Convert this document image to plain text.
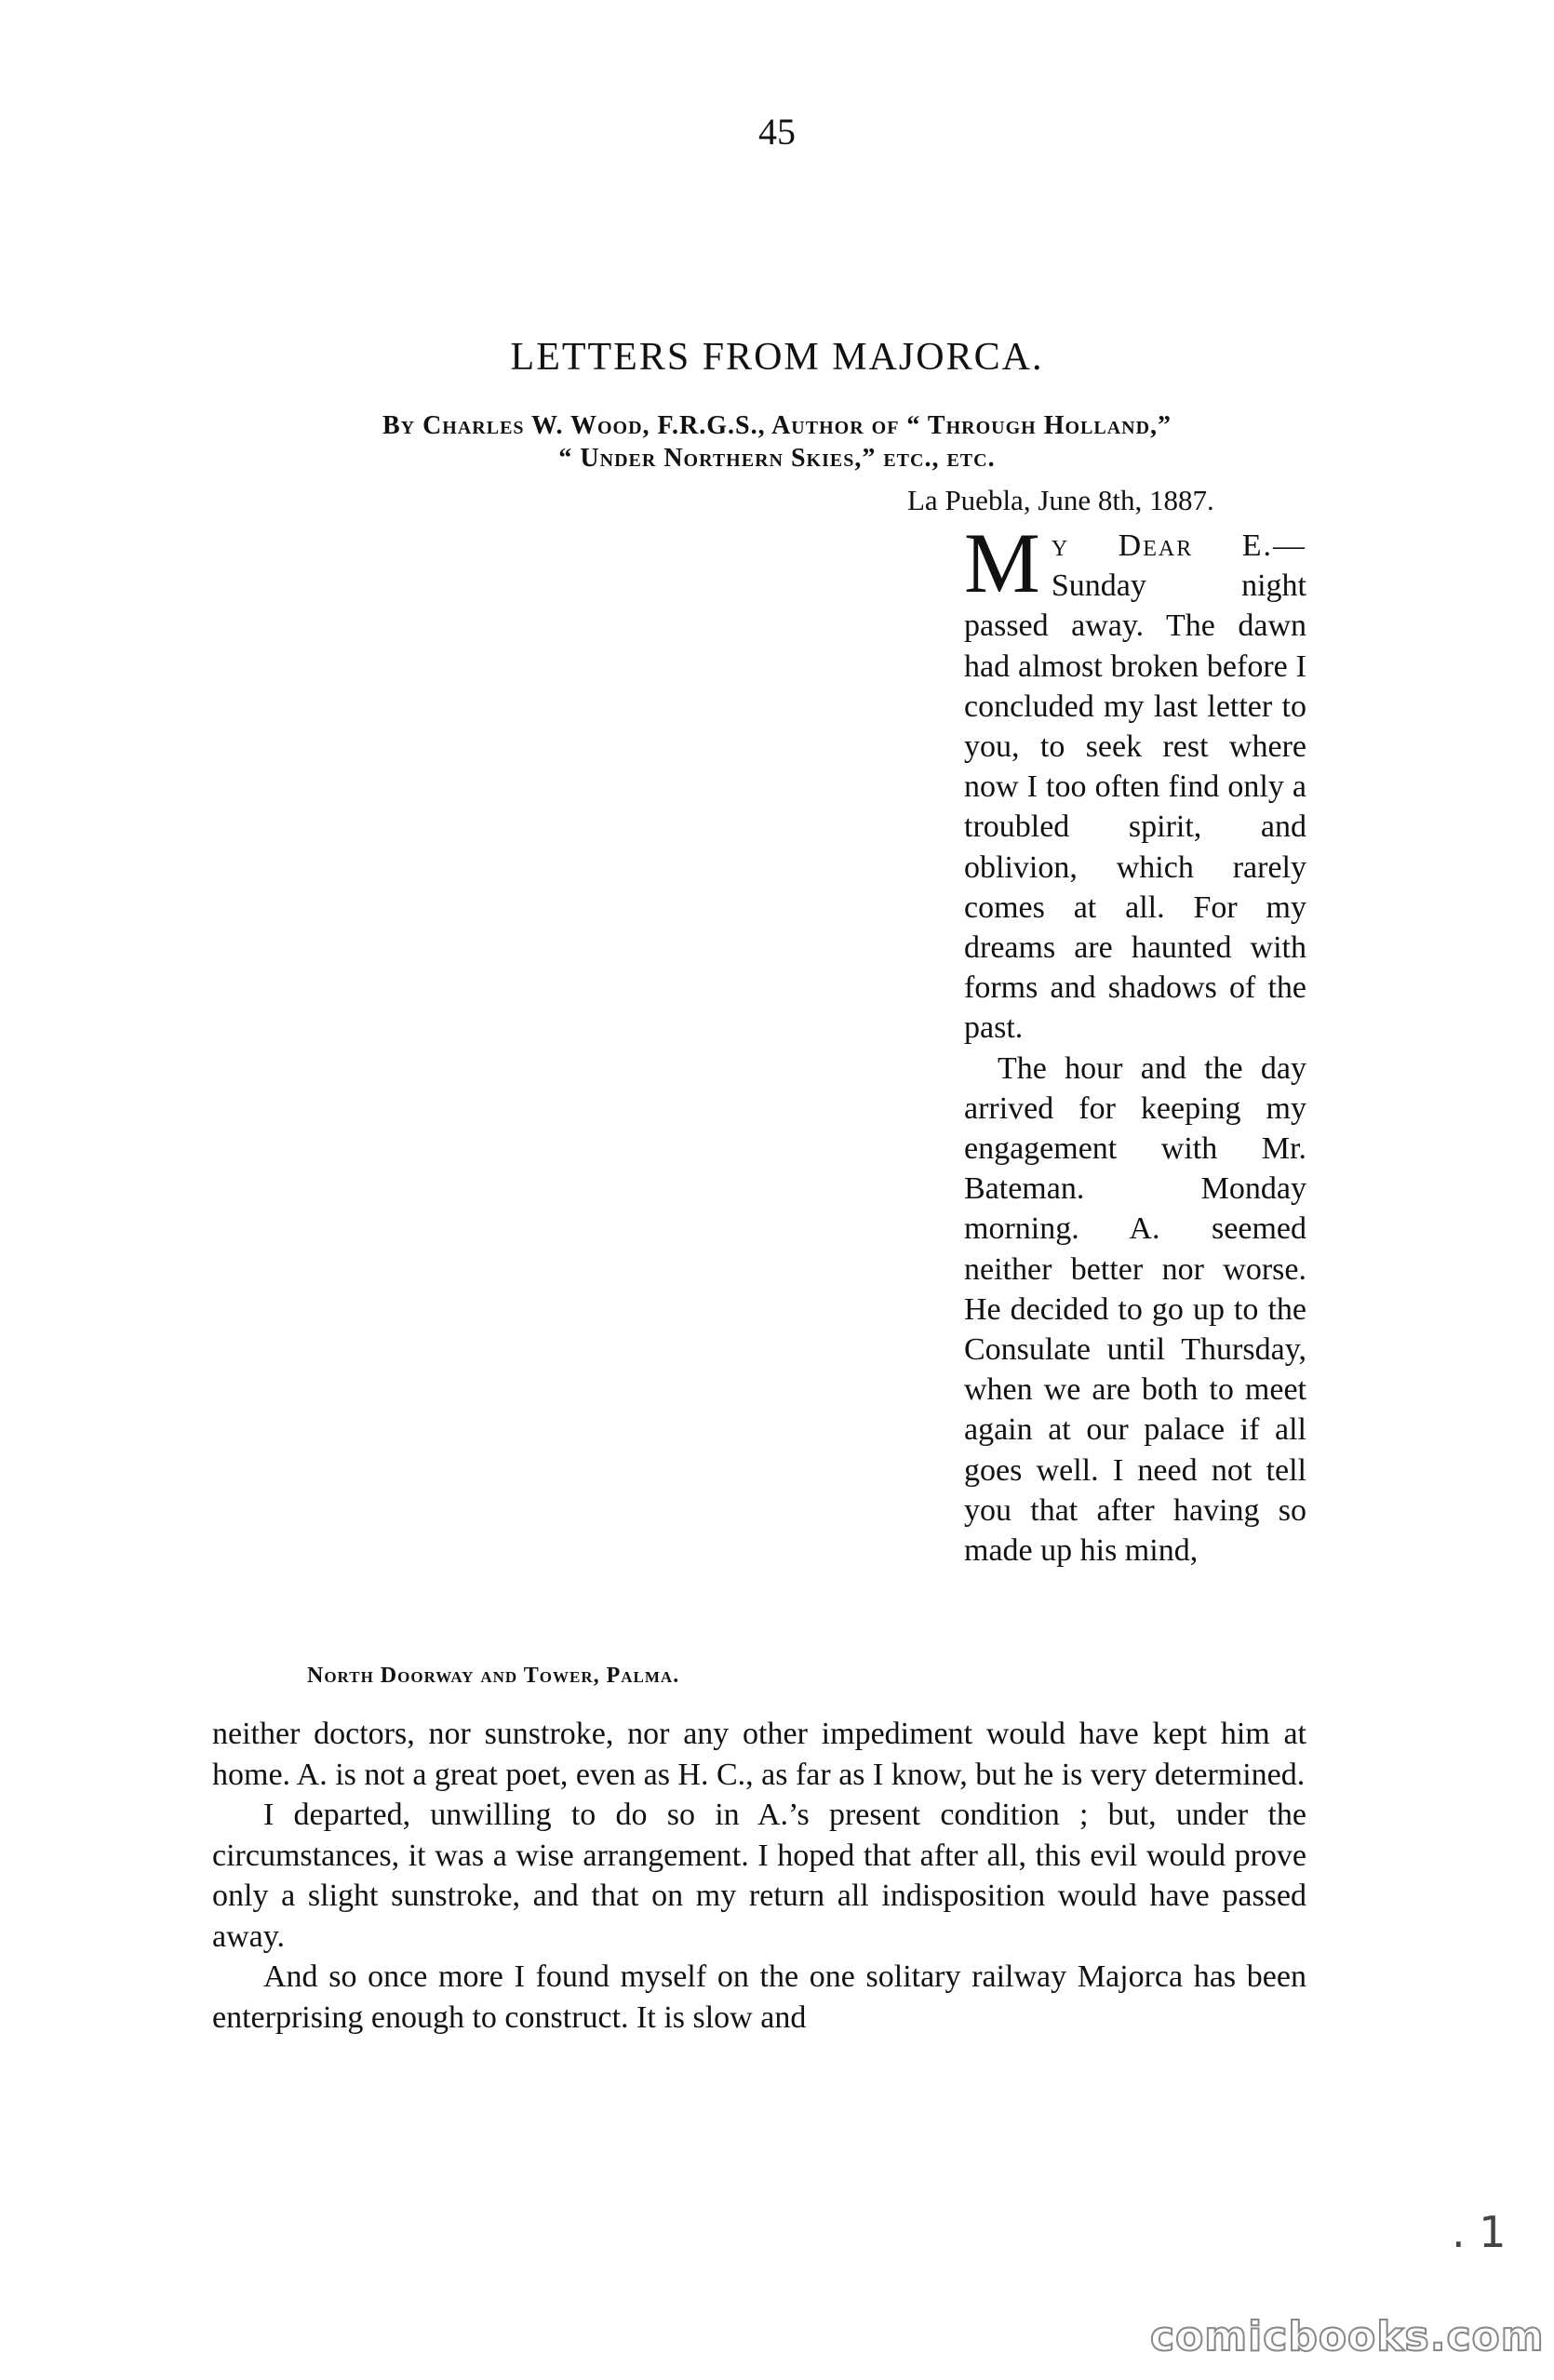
45
LETTERS FROM MAJORCA.
By Charles W. Wood, F.R.G.S., Author of “ Through Holland,”
“ Under Northern Skies,” etc., etc.
La Puebla, June 8th, 1887.

My Dear E.— Sunday night passed away. The dawn had almost broken before I concluded my last letter to you, to seek rest where now I too often find only a troubled spirit, and oblivion, which rarely comes at all. For my dreams are haunted with forms and shadows of the past.

The hour and the day arrived for keeping my engagement with Mr. Bateman. Monday morning. A. seemed neither better nor worse. He decided to go up to the Consulate until Thursday, when we are both to meet again at our palace if all goes well. I need not tell you that after having so made up his mind,

North Doorway and Tower, Palma.

neither doctors, nor sunstroke, nor any other impediment would have kept him at home. A. is not a great poet, even as H. C., as far as I know, but he is very determined.

I departed, unwilling to do so in A.’s present condition ; but, under the circumstances, it was a wise arrangement. I hoped that after all, this evil would prove only a slight sunstroke, and that on my return all indisposition would have passed away.

And so once more I found myself on the one solitary railway Majorca has been enterprising enough to construct. It is slow and

. 1
comicbooks.com
